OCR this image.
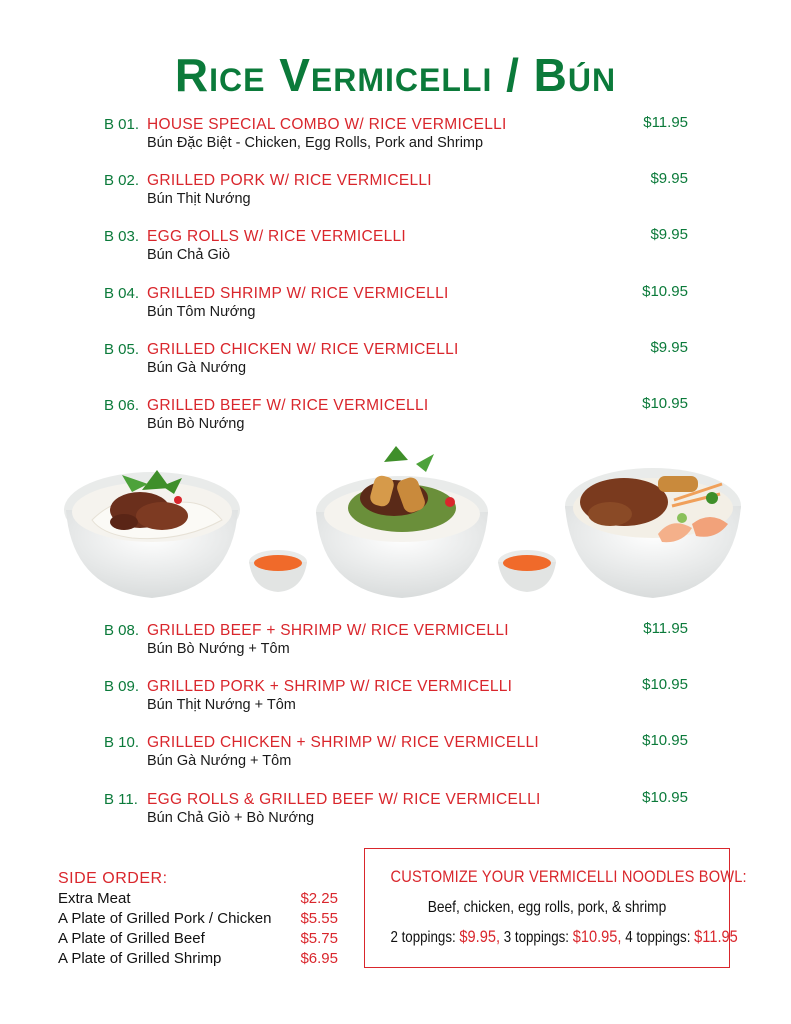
Rice Vermicelli / Bún
B 01. HOUSE SPECIAL COMBO W/ RICE VERMICELLI
Bún Đặc Biệt - Chicken, Egg Rolls, Pork and Shrimp
$11.95
B 02. GRILLED PORK W/ RICE VERMICELLI
Bún Thịt Nướng
$9.95
B 03. EGG ROLLS W/ RICE VERMICELLI
Bún Chả Giò
$9.95
B 04. GRILLED SHRIMP W/ RICE VERMICELLI
Bún Tôm Nướng
$10.95
B 05. GRILLED CHICKEN W/ RICE VERMICELLI
Bún Gà Nướng
$9.95
B 06. GRILLED BEEF W/ RICE VERMICELLI
Bún Bò Nướng
$10.95
B 08. GRILLED BEEF + SHRIMP W/ RICE VERMICELLI
Bún Bò Nướng + Tôm
$11.95
B 09. GRILLED PORK + SHRIMP W/ RICE VERMICELLI
Bún Thịt Nướng + Tôm
$10.95
B 10. GRILLED CHICKEN + SHRIMP W/ RICE VERMICELLI
Bún Gà Nướng + Tôm
$10.95
B 11. EGG ROLLS & GRILLED BEEF W/ RICE VERMICELLI
Bún Chả Giò + Bò Nướng
$10.95
SIDE ORDER:
Extra Meat	$2.25
A Plate of Grilled Pork / Chicken $5.55
A Plate of Grilled Beef	$5.75
A Plate of Grilled Shrimp	$6.95
CUSTOMIZE YOUR VERMICELLI NOODLES BOWL:
Beef, chicken, egg rolls, pork, & shrimp
2 toppings: $9.95, 3 toppings: $10.95, 4 toppings: $11.95
